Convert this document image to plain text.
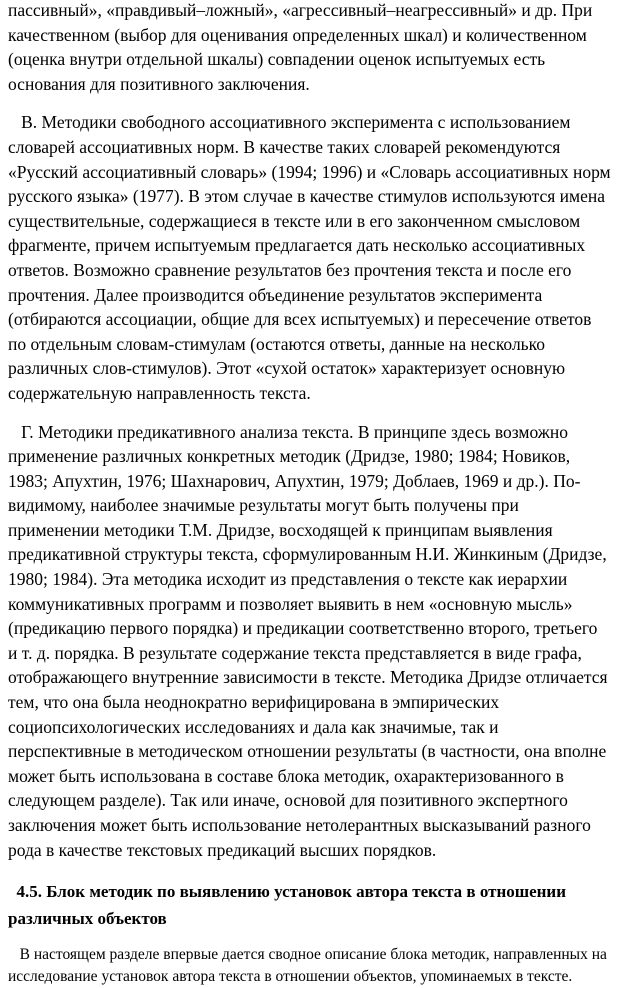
пассивный», «правдивый–ложный», «агрессивный–неагрессивный» и др. При
качественном (выбор для оценивания определенных шкал) и количественном
(оценка внутри отдельной шкалы) совпадении оценок испытуемых есть
основания для позитивного заключения.
В. Методики свободного ассоциативного эксперимента с использованием
словарей ассоциативных норм. В качестве таких словарей рекомендуются
«Русский ассоциативный словарь» (1994; 1996) и «Словарь ассоциативных норм
русского языка» (1977). В этом случае в качестве стимулов используются имена
существительные, содержащиеся в тексте или в его законченном смысловом
фрагменте, причем испытуемым предлагается дать несколько ассоциативных
ответов. Возможно сравнение результатов без прочтения текста и после его
прочтения. Далее производится объединение результатов эксперимента
(отбираются ассоциации, общие для всех испытуемых) и пересечение ответов
по отдельным словам-стимулам (остаются ответы, данные на несколько
различных слов-стимулов). Этот «сухой остаток» характеризует основную
содержательную направленность текста.
Г. Методики предикативного анализа текста. В принципе здесь возможно
применение различных конкретных методик (Дридзе, 1980; 1984; Новиков,
1983; Апухтин, 1976; Шахнарович, Апухтин, 1979; Доблаев, 1969 и др.). По-
видимому, наиболее значимые результаты могут быть получены при
применении методики Т.М. Дридзе, восходящей к принципам выявления
предикативной структуры текста, сформулированным Н.И. Жинкиным (Дридзе,
1980; 1984). Эта методика исходит из представления о тексте как иерархии
коммуникативных программ и позволяет выявить в нем «основную мысль»
(предикацию первого порядка) и предикации соответственно второго, третьего
и т. д. порядка. В результате содержание текста представляется в виде графа,
отображающего внутренние зависимости в тексте. Методика Дридзе отличается
тем, что она была неоднократно верифицирована в эмпирических
социопсихологических исследованиях и дала как значимые, так и
перспективные в методическом отношении результаты (в частности, она вполне
может быть использована в составе блока методик, охарактеризованного в
следующем разделе). Так или иначе, основой для позитивного экспертного
заключения может быть использование нетолерантных высказываний разного
рода в качестве текстовых предикаций высших порядков.
4.5. Блок методик по выявлению установок автора текста в отношении
различных объектов
В настоящем разделе впервые дается сводное описание блока методик, направленных на
исследование установок автора текста в отношении объектов, упоминаемых в тексте.
